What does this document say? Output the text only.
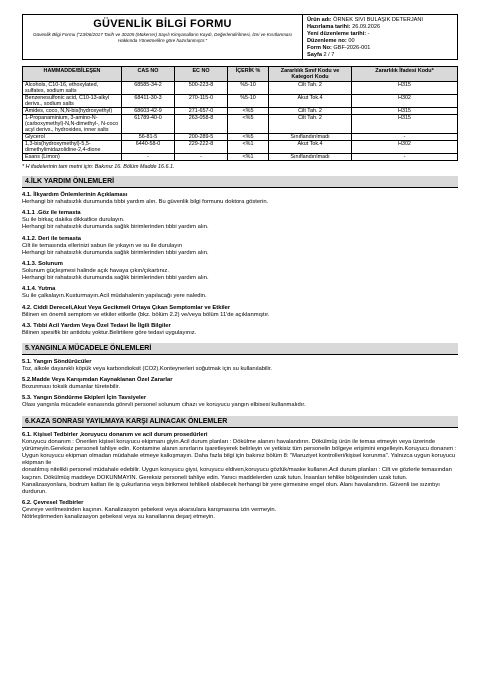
GÜVENLİK BİLGİ FORMU
Güvenlik Bilgi Formu ("23/06/2017 Tarih ve 30105 (Mükerrer) Sayılı Kimyasalların Kaydı, Değerlendirilmesi, İzni ve Kısıtlanması Hakkında Yönetmelik'e göre hazırlanmıştır."
Ürün adı: ÖRNEK SIVI BULAŞIK DETERJANI
Hazırlama tarihi: 26.09.2026
Yeni düzenleme tarihi: -
Düzenleme no: 00
Form No: GBF-2026-001
Sayfa 2 / 7
HAMMADDE/BİLEŞEN	CAS NO	EC NO	İÇERİK %	Zararlılık Sınıf Kodu ve Kategori Kodu	Zararlılık İfadesi Kodu*
Alcohols, C10-16, ethoxylated, sulfates, sodium salts	68585-34-2	500-223-8	%5-10	Cilt Tah. 2	H315
Benzenesulfonic acid, C10-13-alkyl derivs., sodium salts	68411-30-3	270-115-0	%5-10	Akut Tok.4	H302
Amides, coco, N,N-bis(hydroxyethyl)	68603-42-9	271-657-0	<%5	Cilt Tah. 2	H315
1-Propanaminium, 3-amino-N-(carboxymethyl)-N,N-dimethyl-, N-coco acyl derivs., hydroxides, inner salts	61789-40-0	263-058-8	<%5	Cilt Tah. 2	H315
Glycerol	56-81-5	200-289-5	<%5	Sınıflandırılmadı	-
1,3-bis(hydroxymethyl)-5,5-dimethylimidazolidine-2,4-dione	6440-58-0	229-222-8	<%1	Akut Tok.4	H302
Esans (Limon)	-	-	<%1	Sınıflandırılmadı	-
* H ifadelerinin tam metni için: Bakınız 16. Bölüm Madde 16.6.1.
4.İLK YARDIM ÖNLEMLERİ
4.1. İlkyardım Önlemlerinin Açıklaması
Herhangi bir rahatsızlık durumunda tıbbi yardım alın. Bu güvenlik bilgi formunu doktora gösterin.
4.1.1 .Göz ile temasta
Su ile birkaç dakika dikkatlice durulayın.
Herhangi bir rahatsızlık durumunda sağlık birimlerinden tıbbi yardım alın.
4.1.2. Deri ile temasta
Cilt ile temasında ellerinizi sabun ile yıkayın ve su ile durulayın
Herhangi bir rahatsızlık durumunda sağlık birimlerinden tıbbi yardım alın.
4.1.3. Solunum
Solunum güçleşmesi halinde açık havaya çıkın/çıkartınız.
Herhangi bir rahatsızlık durumunda sağlık birimlerinden tıbbi yardım alın.
4.1.4. Yutma
Su ile çalkalayın.Kusturmayın.Acil müdahalenin yapılacağı yere naledin.
4.2. Ciddi Dereceli,Akut Veya Gecikmeli Ortaya Çıkan Semptomlar ve Etkiler
Bilinen en önemli semptom ve etkiler etiketle (bkz. bölüm 2.2) ve/veya bölüm 11'de açıklanmıştır.
4.3. Tıbbi Acil Yardım Veya Özel Tedavi İle İlgili Bilgiler
Bilinen spesifik bir antidotu yoktur.Belirtilere göre tedavi uygulayınız.
5.YANGINLA MÜCADELE ÖNLEMLERİ
5.1. Yangın Söndürücüler
Toz, alkole dayanıklı köpük veya karbondioksit (CO2).Konteynerleri soğutmak için su kullanılabilir.
5.2.Madde Veya Karışımdan Kaynaklanan Özel Zararlar
Bozunması toksik dumanlar türetebilir.
5.3. Yangın Söndürme Ekipleri İçin Tavsiyeler
Olası yangınla mücadele esnasında görevli personel solunum cihazı ve koruyucu yangın elbisesi kullanmalıdır.
6.KAZA SONRASI YAYILMAYA KARŞI ALINACAK ÖNLEMLER
6.1. Kişisel Tedbirler ,koruyucu donanım ve acil durum prosedürleri
Koruyucu donanım : Önerilen kişisel koruyucu ekipmanı giyin.Acil durum planları : Dökülme alanını havalandırın. Dökülmüş ürün ile temas etmeyin veya üzerinde yürümeyin.Gereksiz personeli tahliye edin. Kontamine alanın sınırlarını işaretleyerek belirleyin ve yetkisiz tüm personelin bölgeye erişimini engelleyin.Koruyucu donanım : Uygun koruyucu ekipman olmadan müdahale etmeye kalkışmayın. Daha fazla bilgi için bakınız bölüm 8: "Maruziyet kontrolleri/kişisel korunma". Yalnızca uygun koruyucu ekipman ile
donatılmış nitelikli personel müdahale edebilir. Uygun koruyucu giysi, koruyucu eldiven,koruyucu gözlük/maske kullanın.Acil durum planları : Cilt ve gözlerle temasından kaçının. Dökülmüş maddeye DOKUNMAYIN. Gereksiz personeli tahliye edin. Yanıcı maddelerden uzak tutun. İnsanları tehlike bölgesinden uzak tutun.
Kanalizasyonlara, bodrum katları ile iş çukurlarına veya birikmesi tehlikeli olabilecek herhangi bir yere girmesine engel olun. Alanı havalandırın. Güvenli ise sızıntıyı durdurun.
6.2. Çevresel Tedbirler
Çevreye verilmesinden kaçının. Kanalizasyon şebekesi veya akarsulara karışmasına izin vermeyin.
Nötrleştirmeden kanalizasyon şebekesi veya su kanallarına deşarj etmeyin.
